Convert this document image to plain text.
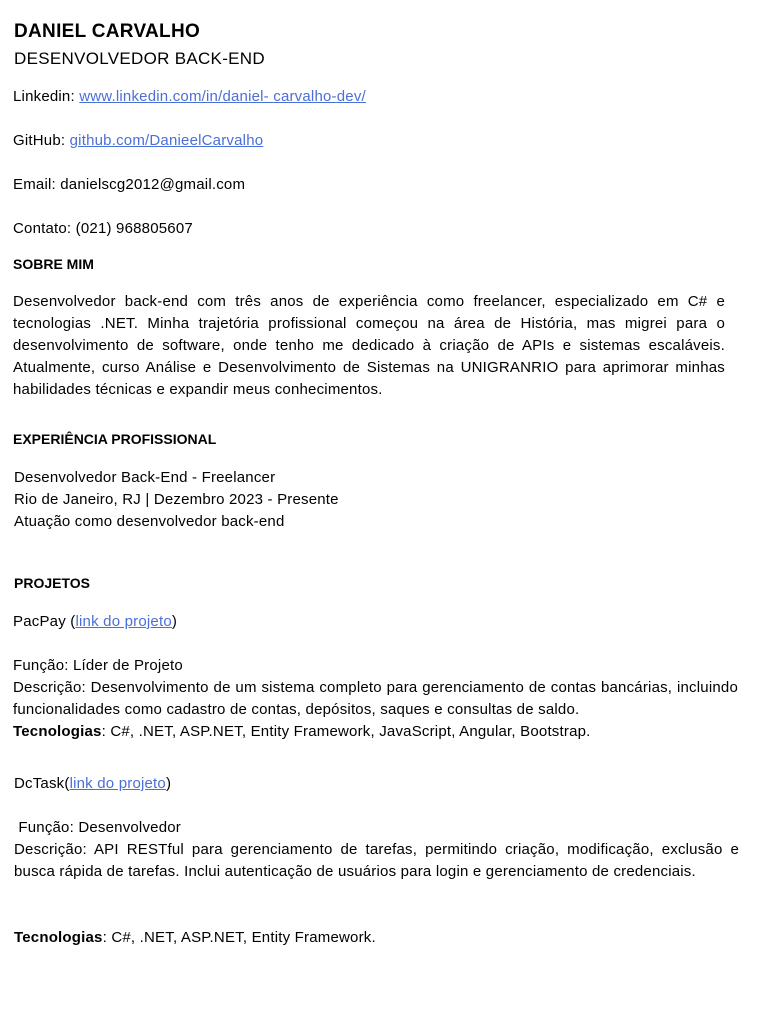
DANIEL CARVALHO
DESENVOLVEDOR BACK-END
Linkedin: www.linkedin.com/in/daniel- carvalho-dev/
GitHub: github.com/DanieelCarvalho
Email: danielscg2012@gmail.com
Contato: (021) 968805607
SOBRE MIM
Desenvolvedor back-end com três anos de experiência como freelancer, especializado em C# e tecnologias .NET. Minha trajetória profissional começou na área de História, mas migrei para o desenvolvimento de software, onde tenho me dedicado à criação de APIs e sistemas escaláveis. Atualmente, curso Análise e Desenvolvimento de Sistemas na UNIGRANRIO para aprimorar minhas habilidades técnicas e expandir meus conhecimentos.
EXPERIÊNCIA PROFISSIONAL
Desenvolvedor Back-End - Freelancer
Rio de Janeiro, RJ | Dezembro 2023 - Presente
Atuação como desenvolvedor back-end
PROJETOS
PacPay (link do projeto)
Função: Líder de Projeto
Descrição: Desenvolvimento de um sistema completo para gerenciamento de contas bancárias, incluindo funcionalidades como cadastro de contas, depósitos, saques e consultas de saldo.
Tecnologias: C#, .NET, ASP.NET, Entity Framework, JavaScript, Angular, Bootstrap.
DcTask(link do projeto)
Função: Desenvolvedor
Descrição: API RESTful para gerenciamento de tarefas, permitindo criação, modificação, exclusão e busca rápida de tarefas. Inclui autenticação de usuários para login e gerenciamento de credenciais.
Tecnologias: C#, .NET, ASP.NET, Entity Framework.
